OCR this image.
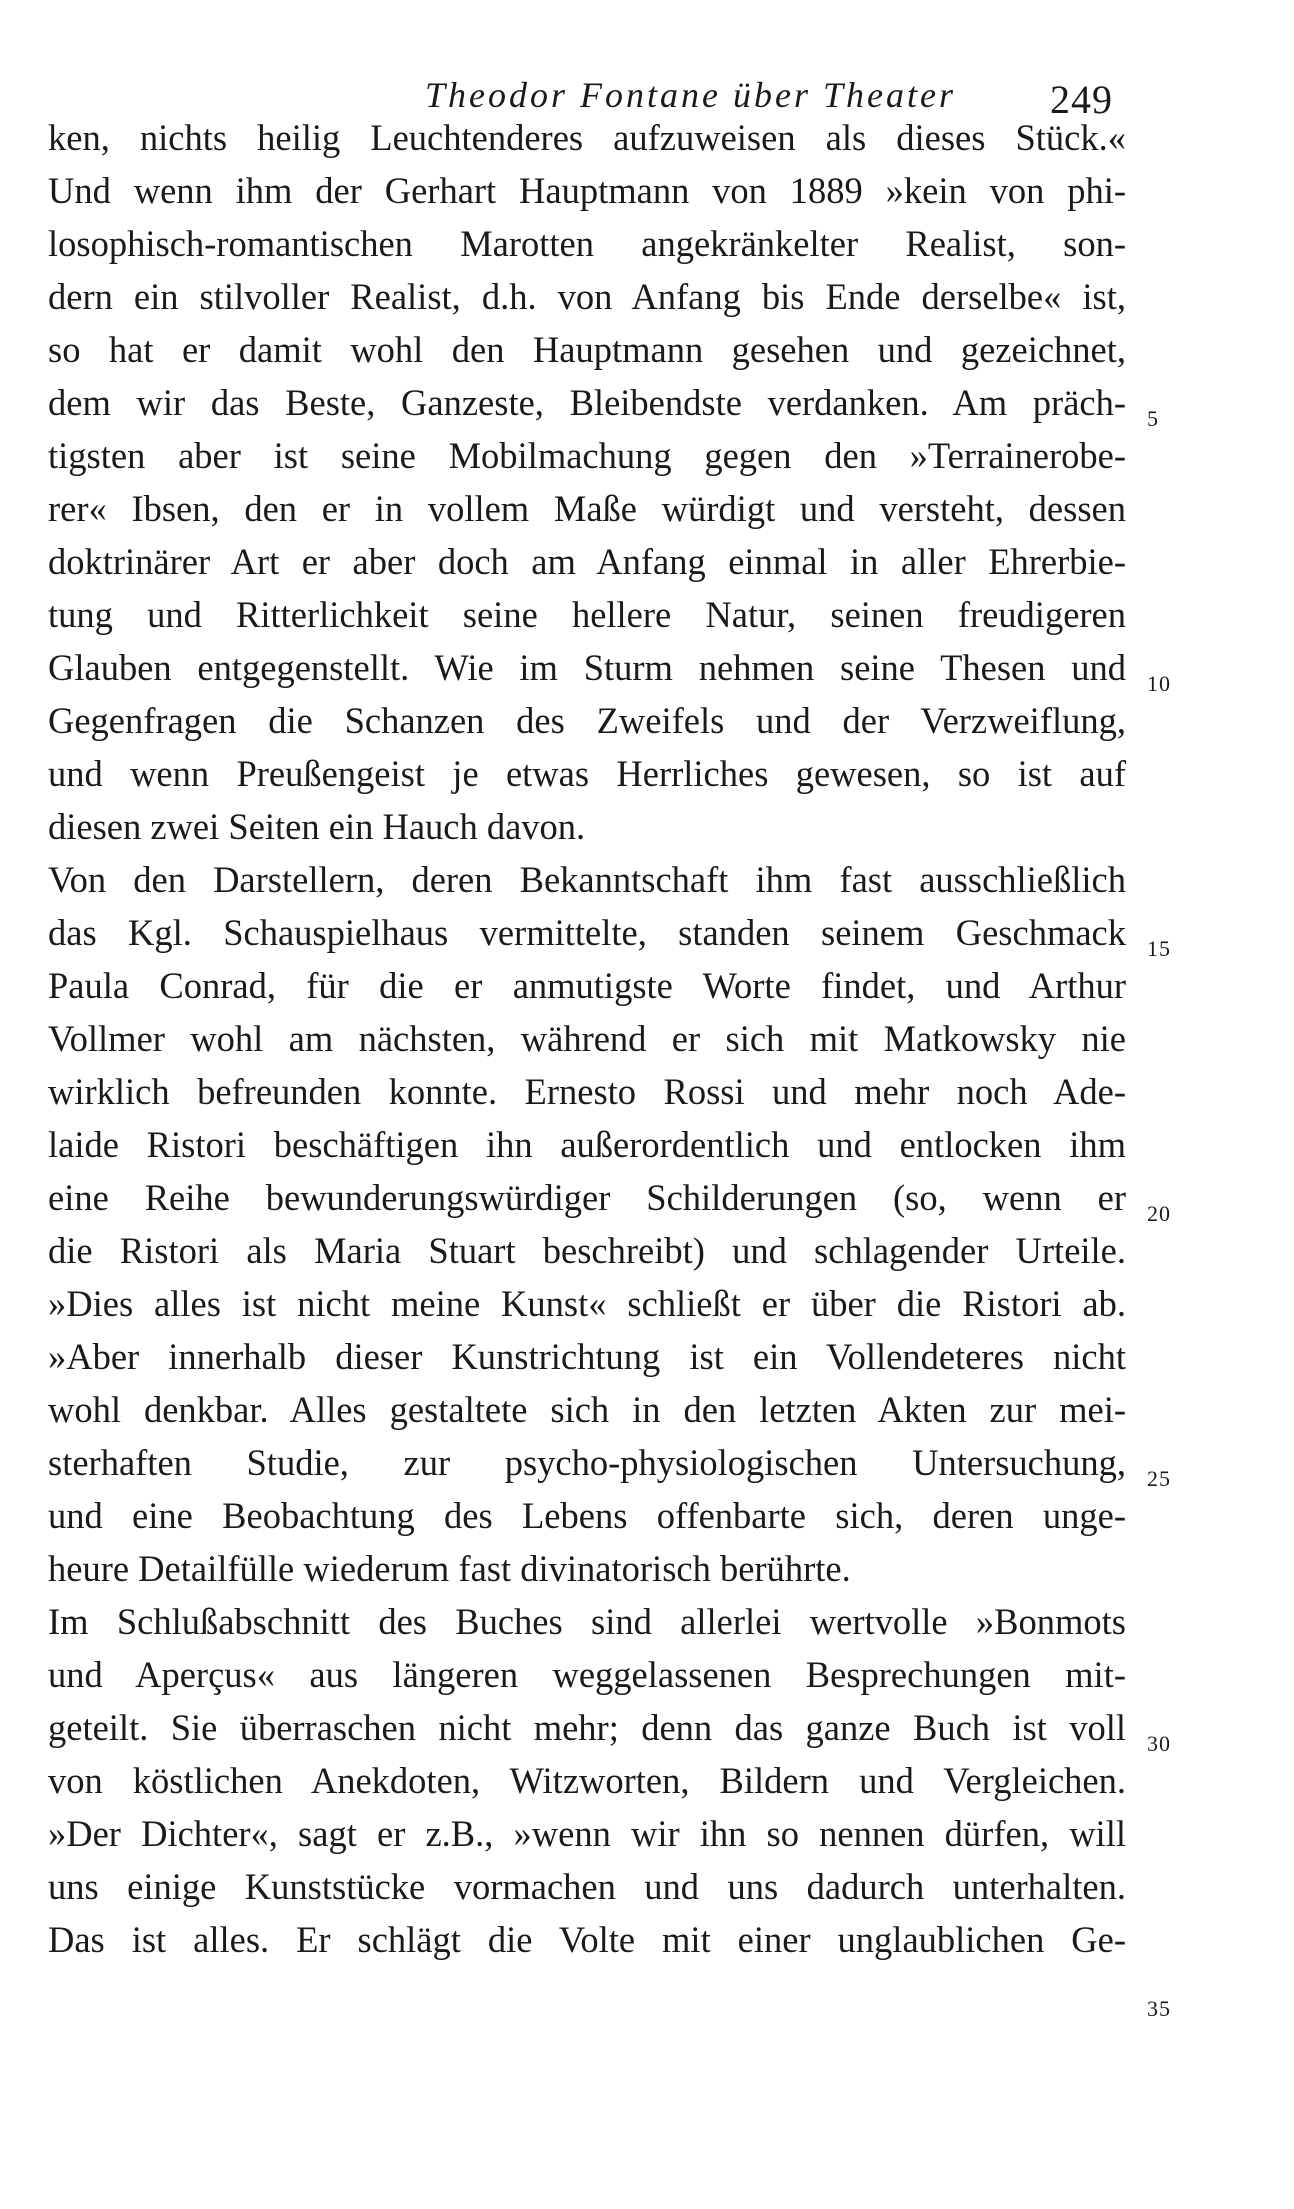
Theodor Fontane über Theater 249
ken, nichts heilig Leuchtenderes aufzuweisen als dieses Stück.«
Und wenn ihm der Gerhart Hauptmann von 1889 »kein von phi-
losophisch-romantischen Marotten angekränkelter Realist, son-
dern ein stilvoller Realist, d.h. von Anfang bis Ende derselbe« ist,
so hat er damit wohl den Hauptmann gesehen und gezeichnet,
dem wir das Beste, Ganzeste, Bleibendste verdanken. Am präch-
tigsten aber ist seine Mobilmachung gegen den »Terrainerobe-
rer« Ibsen, den er in vollem Maße würdigt und versteht, dessen
doktrinärer Art er aber doch am Anfang einmal in aller Ehrerbie-
tung und Ritterlichkeit seine hellere Natur, seinen freudigeren
Glauben entgegenstellt. Wie im Sturm nehmen seine Thesen und
Gegenfragen die Schanzen des Zweifels und der Verzweiflung,
und wenn Preußengeist je etwas Herrliches gewesen, so ist auf
diesen zwei Seiten ein Hauch davon.
Von den Darstellern, deren Bekanntschaft ihm fast ausschließlich
das Kgl. Schauspielhaus vermittelte, standen seinem Geschmack
Paula Conrad, für die er anmutigste Worte findet, und Arthur
Vollmer wohl am nächsten, während er sich mit Matkowsky nie
wirklich befreunden konnte. Ernesto Rossi und mehr noch Ade-
laide Ristori beschäftigen ihn außerordentlich und entlocken ihm
eine Reihe bewunderungswürdiger Schilderungen (so, wenn er
die Ristori als Maria Stuart beschreibt) und schlagender Urteile.
»Dies alles ist nicht meine Kunst« schließt er über die Ristori ab.
»Aber innerhalb dieser Kunstrichtung ist ein Vollendeteres nicht
wohl denkbar. Alles gestaltete sich in den letzten Akten zur mei-
sterhaften Studie, zur psycho-physiologischen Untersuchung,
und eine Beobachtung des Lebens offenbarte sich, deren unge-
heure Detailfülle wiederum fast divinatorisch berührte.
Im Schlußabschnitt des Buches sind allerlei wertvolle »Bonmots
und Aperçus« aus längeren weggelassenen Besprechungen mit-
geteilt. Sie überraschen nicht mehr; denn das ganze Buch ist voll
von köstlichen Anekdoten, Witzworten, Bildern und Vergleichen.
»Der Dichter«, sagt er z.B., »wenn wir ihn so nennen dürfen, will
uns einige Kunststücke vormachen und uns dadurch unterhalten.
Das ist alles. Er schlägt die Volte mit einer unglaublichen Ge-
5
10
15
20
25
30
35
